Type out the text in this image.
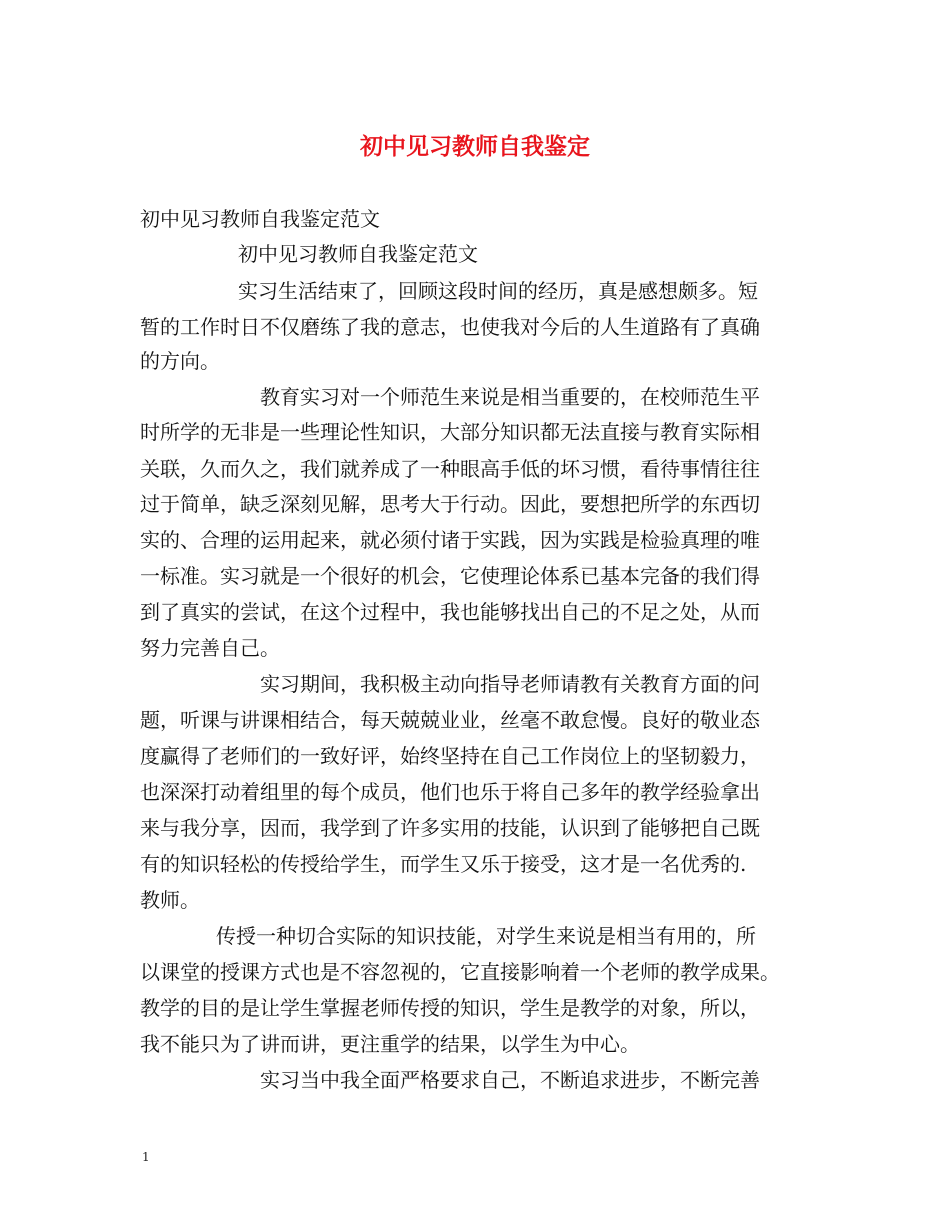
初中见习教师自我鉴定
初中见习教师自我鉴定范文
初中见习教师自我鉴定范文
实习生活结束了，回顾这段时间的经历，真是感想颇多。短
暂的工作时日不仅磨练了我的意志，也使我对今后的人生道路有了真确
的方向。
教育实习对一个师范生来说是相当重要的，在校师范生平
时所学的无非是一些理论性知识，大部分知识都无法直接与教育实际相
关联，久而久之，我们就养成了一种眼高手低的坏习惯，看待事情往往
过于简单，缺乏深刻见解，思考大于行动。因此，要想把所学的东西切
实的、合理的运用起来，就必须付诸于实践，因为实践是检验真理的唯
一标准。实习就是一个很好的机会，它使理论体系已基本完备的我们得
到了真实的尝试，在这个过程中，我也能够找出自己的不足之处，从而
努力完善自己。
实习期间，我积极主动向指导老师请教有关教育方面的问
题，听课与讲课相结合，每天兢兢业业，丝毫不敢怠慢。良好的敬业态
度赢得了老师们的一致好评，始终坚持在自己工作岗位上的坚韧毅力，
也深深打动着组里的每个成员，他们也乐于将自己多年的教学经验拿出
来与我分享，因而，我学到了许多实用的技能，认识到了能够把自己既
有的知识轻松的传授给学生，而学生又乐于接受，这才是一名优秀的.
教师。
传授一种切合实际的知识技能，对学生来说是相当有用的，所
以课堂的授课方式也是不容忽视的，它直接影响着一个老师的教学成果。
教学的目的是让学生掌握老师传授的知识，学生是教学的对象，所以，
我不能只为了讲而讲，更注重学的结果，以学生为中心。
实习当中我全面严格要求自己，不断追求进步，不断完善
1
